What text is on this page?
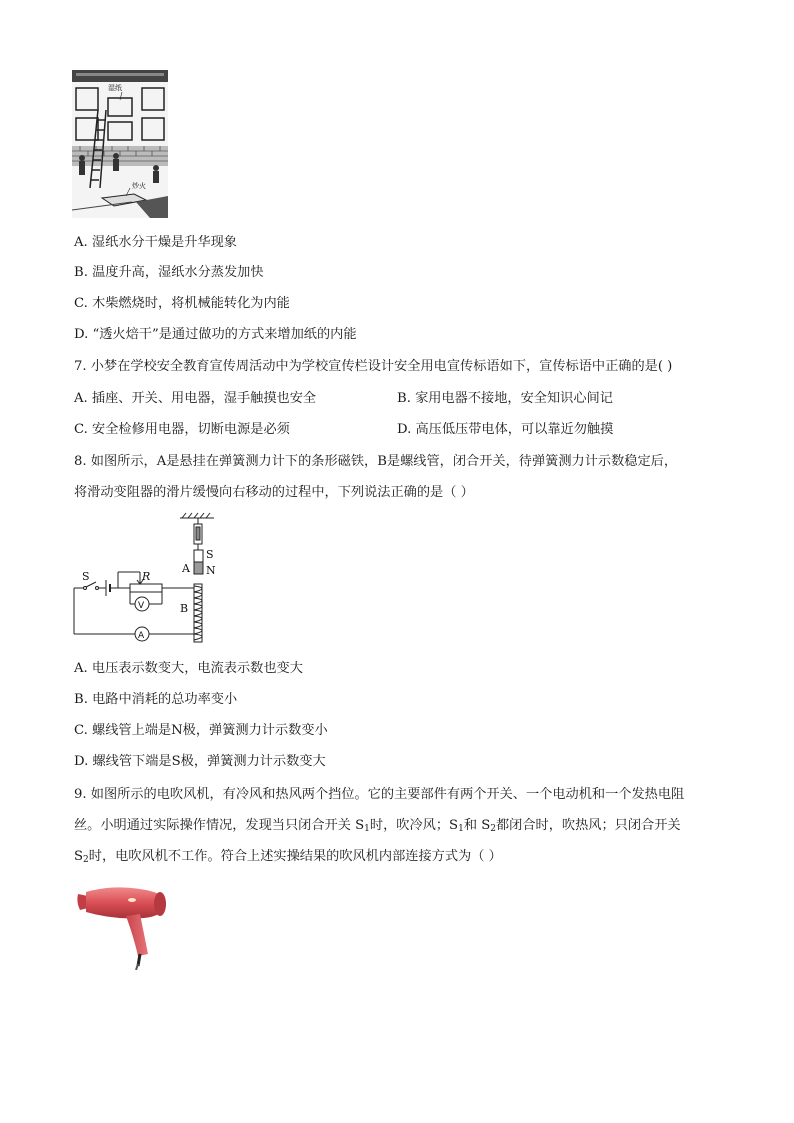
湿纸
炒火
A. 湿纸水分干燥是升华现象
B. 温度升高，湿纸水分蒸发加快
C. 木柴燃烧时，将机械能转化为内能
D. “透火焙干”是通过做功的方式来增加纸的内能
7. 小梦在学校安全教育宣传周活动中为学校宣传栏设计安全用电宣传标语如下，宣传标语中正确的是( )
A. 插座、开关、用电器，湿手触摸也安全	B. 家用电器不接地，安全知识心间记
C. 安全检修用电器，切断电源是必须	D. 高压低压带电体，可以靠近勿触摸
8. 如图所示，A是悬挂在弹簧测力计下的条形磁铁，B是螺线管，闭合开关，待弹簧测力计示数稳定后，
将滑动变阻器的滑片缓慢向右移动的过程中，下列说法正确的是（ ）
S	R
V
A
A
S
N
B
A. 电压表示数变大，电流表示数也变大
B. 电路中消耗的总功率变小
C. 螺线管上端是N极，弹簧测力计示数变小
D. 螺线管下端是S极，弹簧测力计示数变大
9. 如图所示的电吹风机，有冷风和热风两个挡位。它的主要部件有两个开关、一个电动机和一个发热电阻
丝。小明通过实际操作情况，发现当只闭合开关 $S_1$时，吹冷风；$S_1$和 $S_2$都闭合时，吹热风；只闭合开关
$S_2$时，电吹风机不工作。符合上述实操结果的吹风机内部连接方式为（ ）
